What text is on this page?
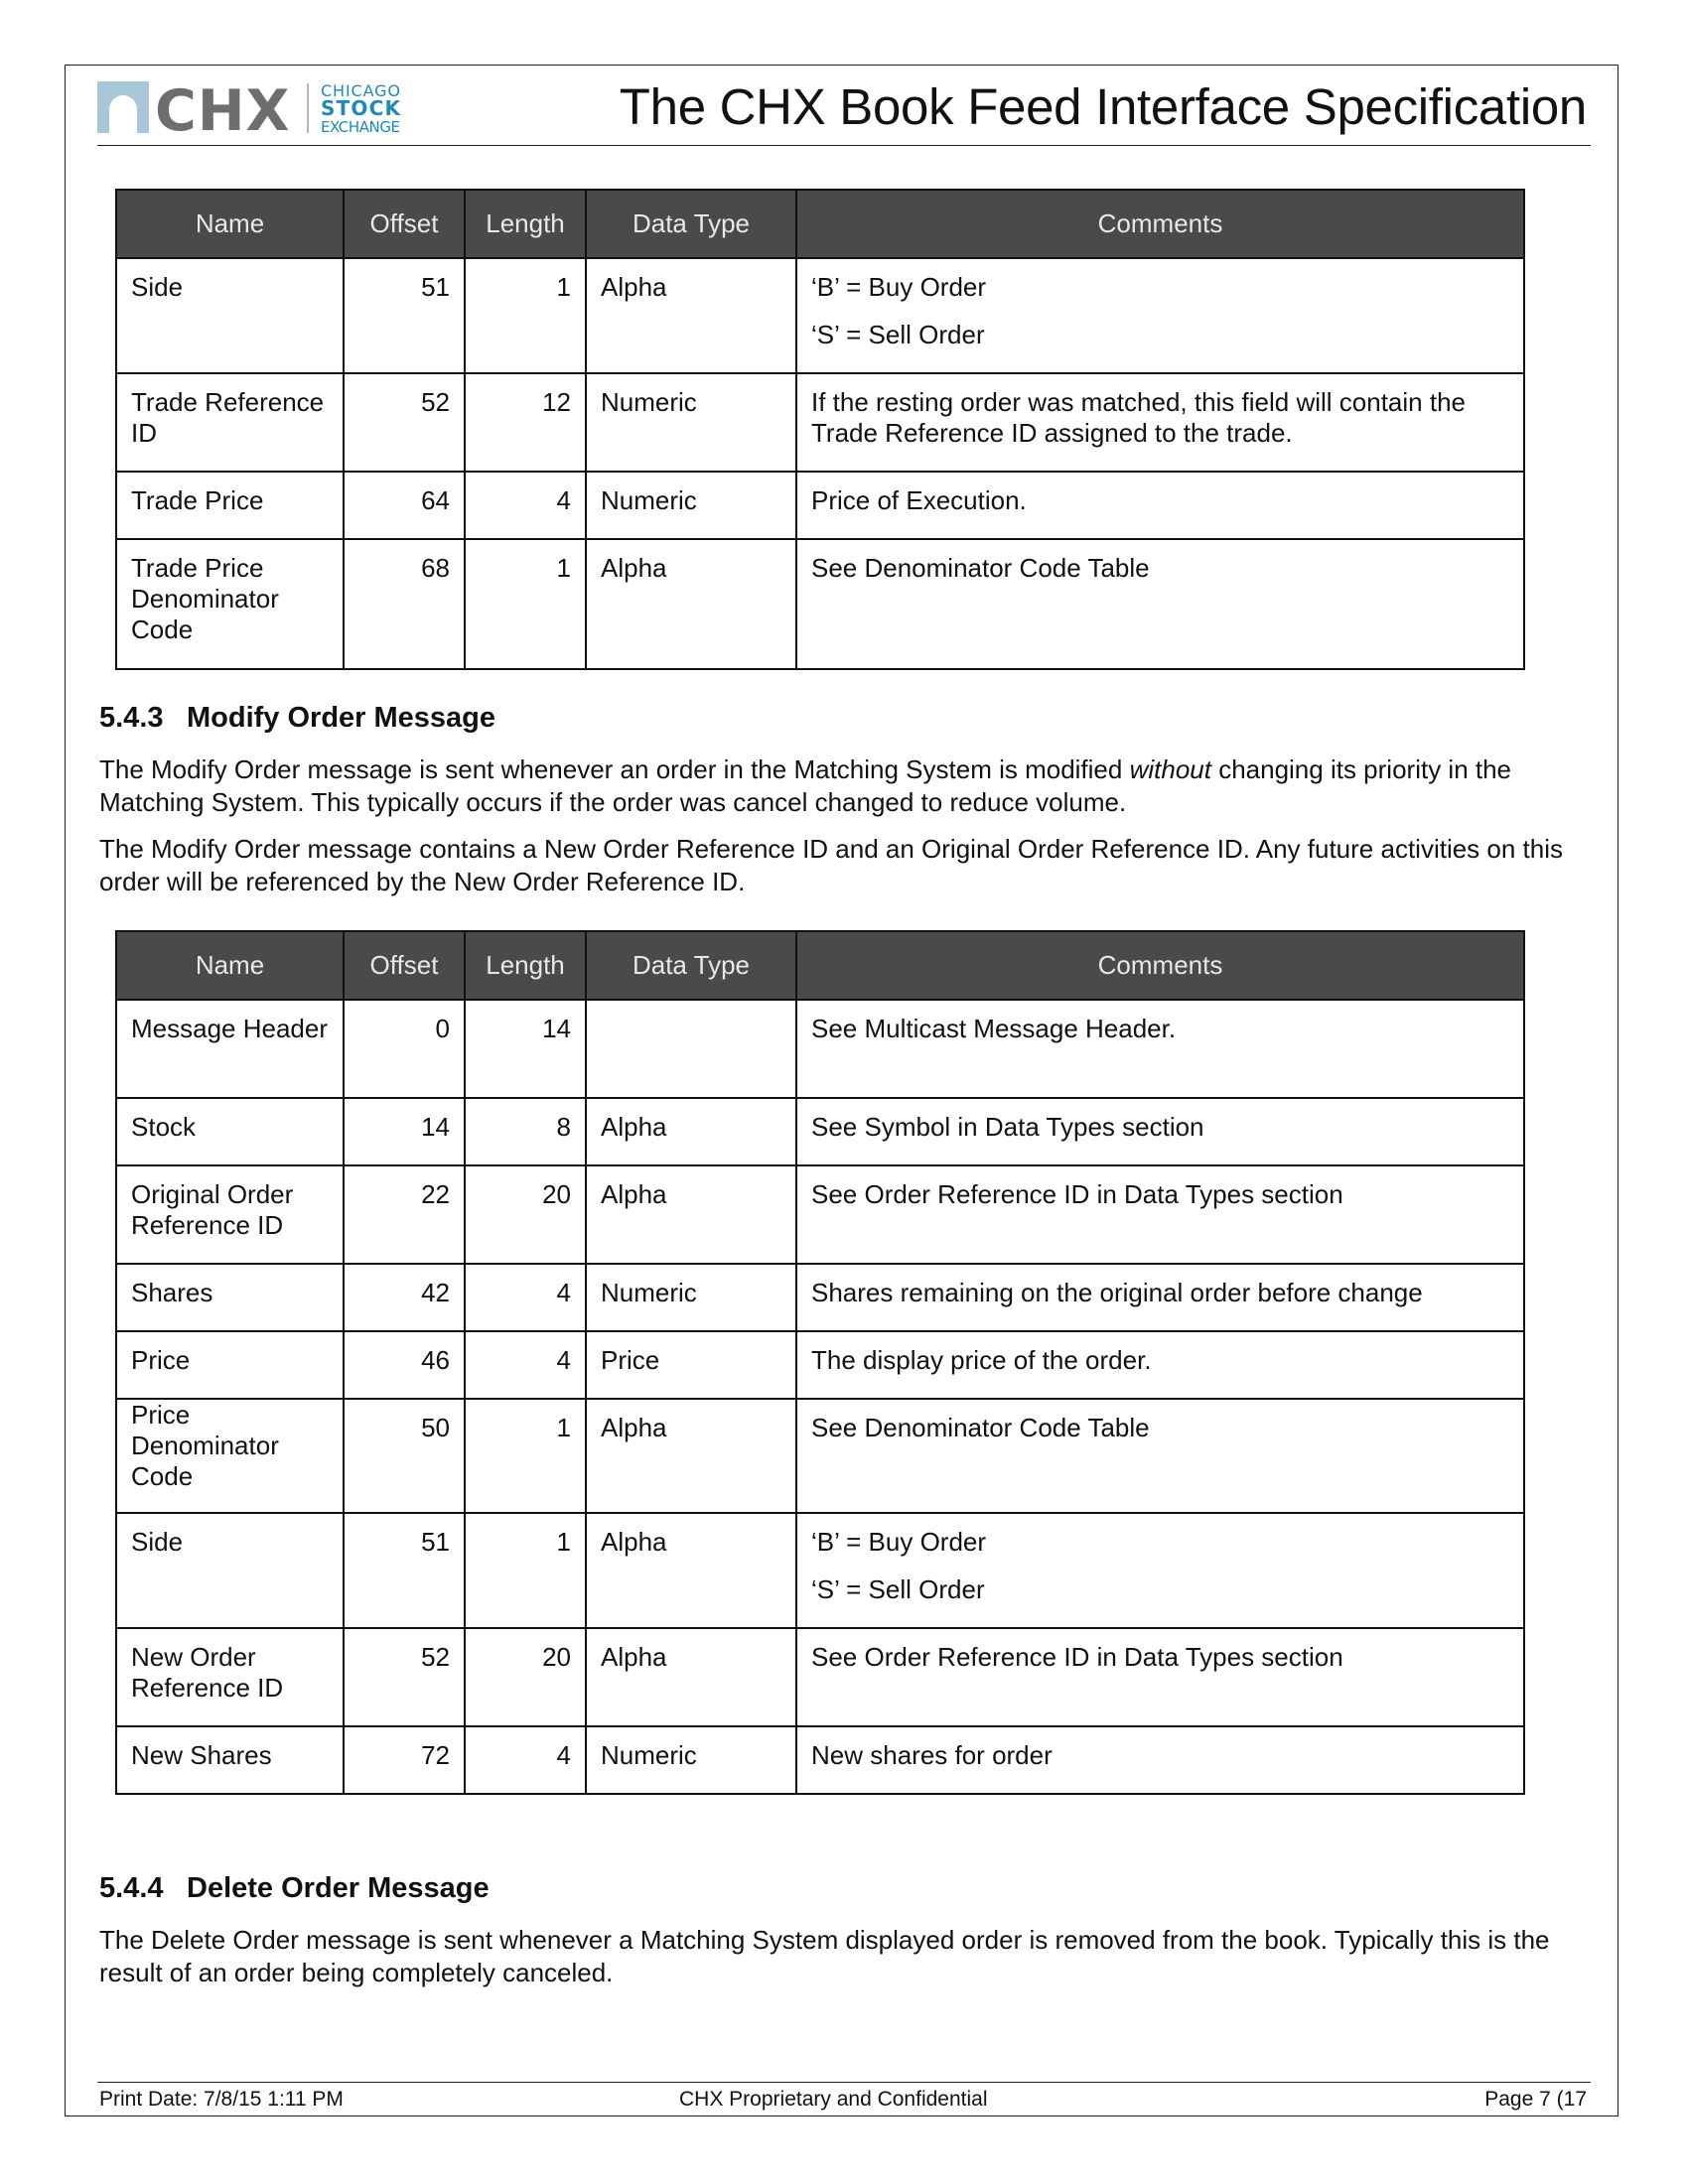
CHX CHICAGO
STOCK
EXCHANGE	The CHX Book Feed Interface Specification
Name	Offset	Length	Data Type	Comments
Side	51	1	Alpha	‘B’ = Buy Order
‘S’ = Sell Order

Trade Reference ID	52	12	Numeric	If the resting order was matched, this field will contain the Trade Reference ID assigned to the trade.
Trade Price	64	4	Numeric	Price of Execution.
Trade Price Denominator Code	68	1	Alpha	See Denominator Code Table
5.4.3 Modify Order Message
The Modify Order message is sent whenever an order in the Matching System is modified without changing its priority in the Matching System. This typically occurs if the order was cancel changed to reduce volume.
The Modify Order message contains a New Order Reference ID and an Original Order Reference ID. Any future activities on this order will be referenced by the New Order Reference ID.
Name	Offset	Length	Data Type	Comments
Message Header	0	14		See Multicast Message Header.
Stock	14	8	Alpha	See Symbol in Data Types section
Original Order Reference ID	22	20	Alpha	See Order Reference ID in Data Types section
Shares	42	4	Numeric	Shares remaining on the original order before change
Price	46	4	Price	The display price of the order.
Price Denominator Code	50	1	Alpha	See Denominator Code Table
Side	51	1	Alpha	‘B’ = Buy Order
‘S’ = Sell Order

New Order Reference ID	52	20	Alpha	See Order Reference ID in Data Types section
New Shares	72	4	Numeric	New shares for order
5.4.4 Delete Order Message
The Delete Order message is sent whenever a Matching System displayed order is removed from the book. Typically this is the result of an order being completely canceled.
Print Date: 7/8/15 1:11 PM	CHX Proprietary and Confidential	Page 7 (17
